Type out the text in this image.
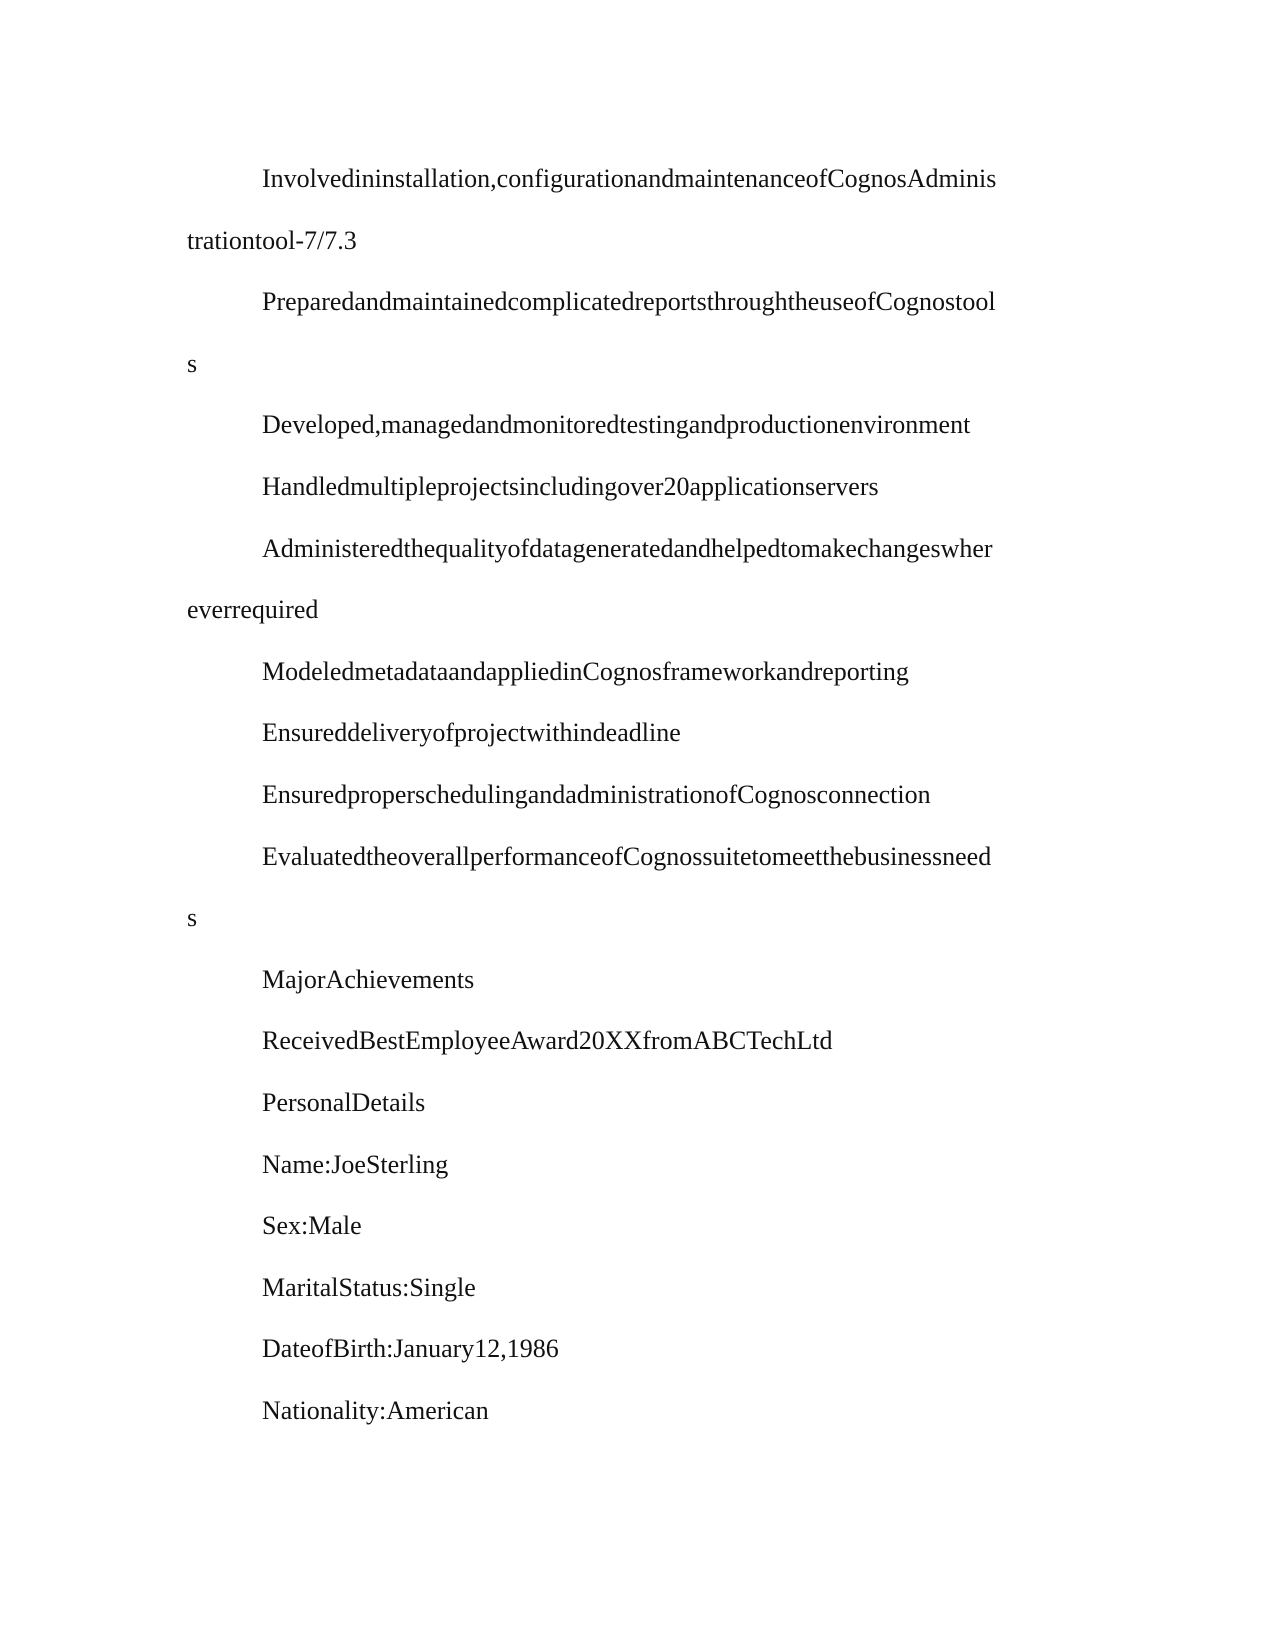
Involvedininstallation,configurationandmaintenanceofCognosAdminis
trationtool-7/7.3
PreparedandmaintainedcomplicatedreportsthroughtheuseofCognostool
s
Developed,managedandmonitoredtestingandproductionenvironment
Handledmultipleprojectsincludingover20applicationservers
Administeredthequalityofdatageneratedandhelpedtomakechangeswher
everrequired
ModeledmetadataandappliedinCognosframeworkandreporting
Ensureddeliveryofprojectwithindeadline
EnsuredproperschedulingandadministrationofCognosconnection
EvaluatedtheoverallperformanceofCognossuitetomeetthebusinessneed
s
MajorAchievements
ReceivedBestEmployeeAward20XXfromABCTechLtd
PersonalDetails
Name:JoeSterling
Sex:Male
MaritalStatus:Single
DateofBirth:January12,1986
Nationality:American
